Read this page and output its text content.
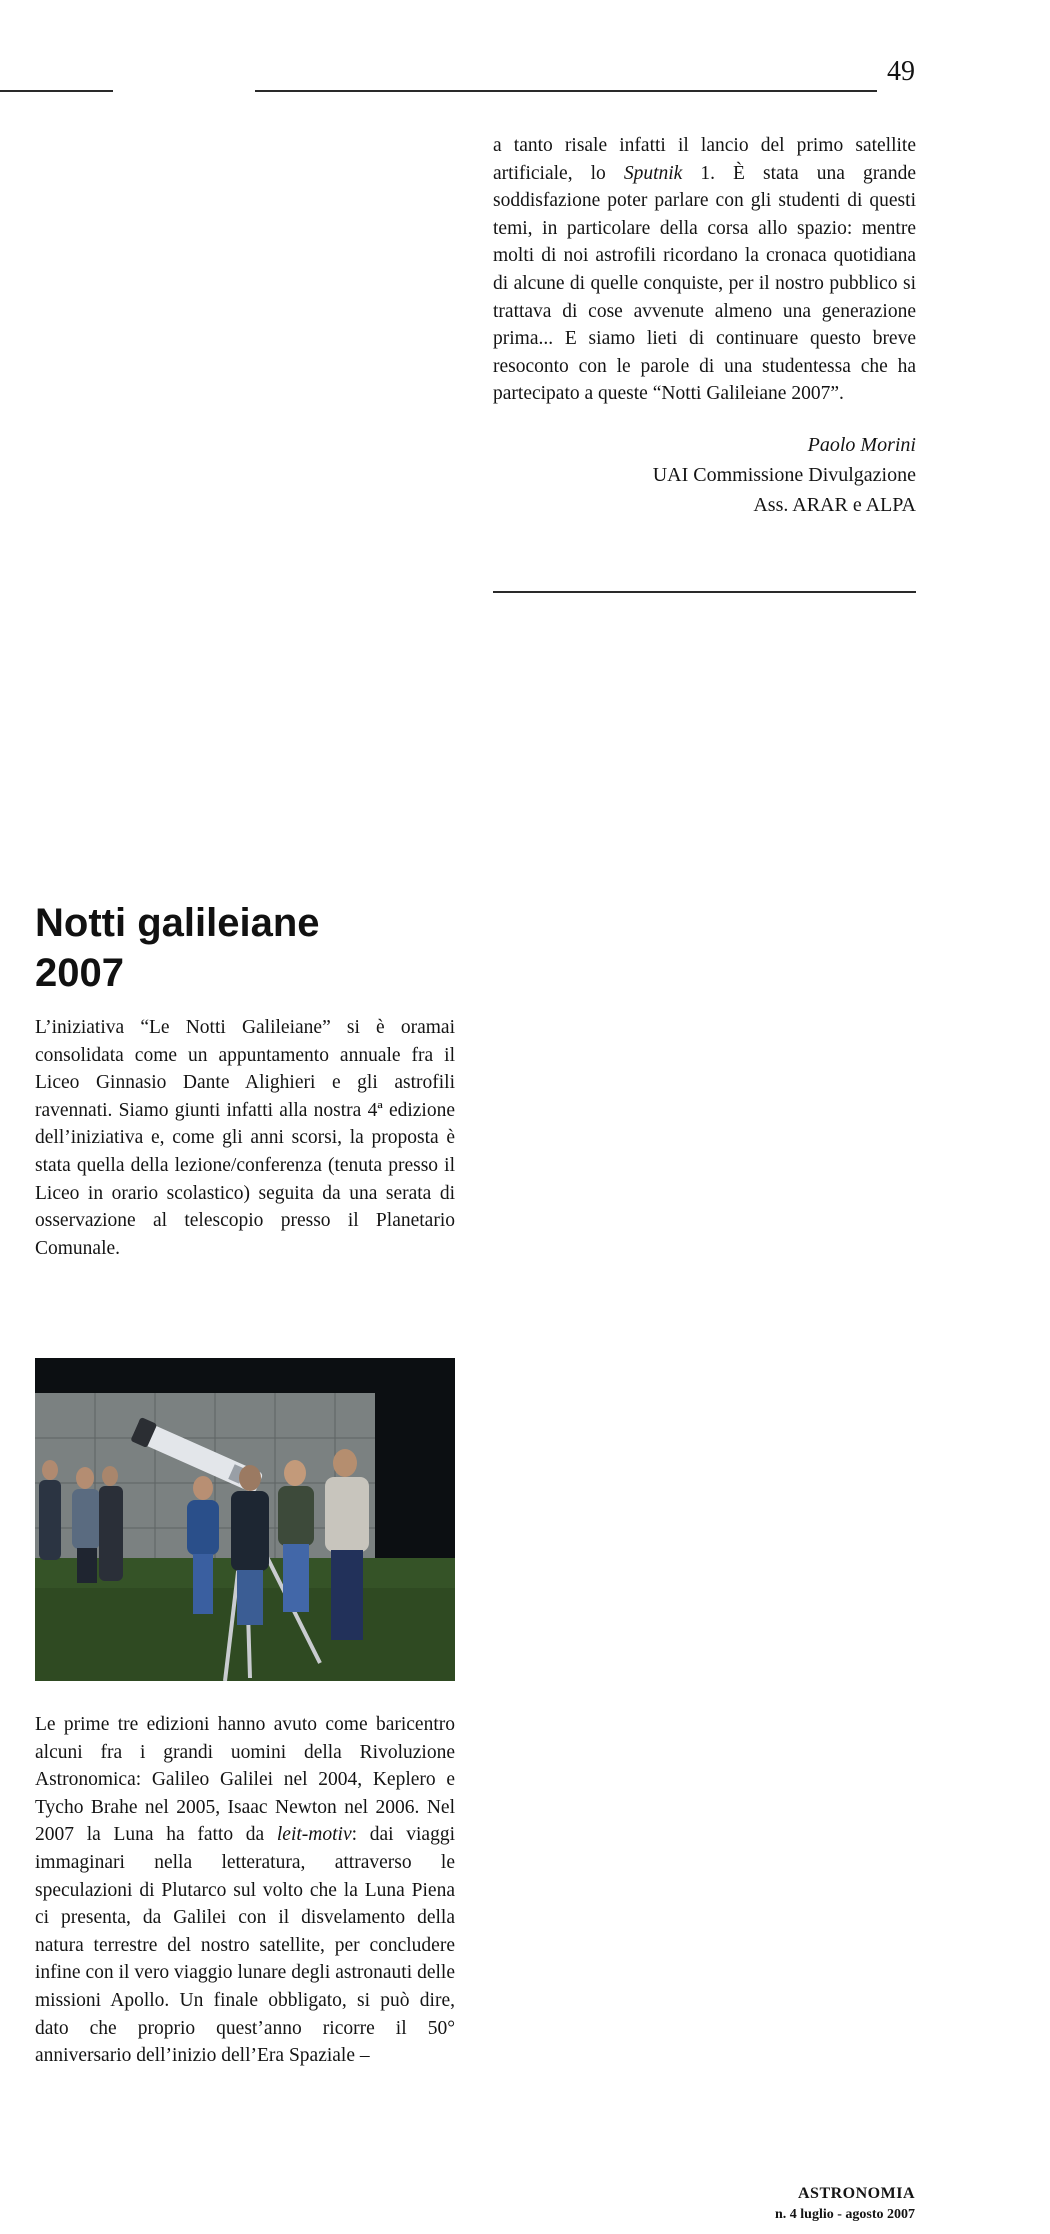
49
a tanto risale infatti il lancio del primo satellite artificiale, lo Sputnik 1. È stata una grande soddisfazione poter parlare con gli studenti di questi temi, in particolare della corsa allo spazio: mentre molti di noi astrofili ricordano la cronaca quotidiana di alcune di quelle conquiste, per il nostro pubblico si trattava di cose avvenute almeno una generazione prima... E siamo lieti di continuare questo breve resoconto con le parole di una studentessa che ha partecipato a queste “Notti Galileiane 2007”.
Paolo Morini
UAI Commissione Divulgazione
Ass. ARAR e ALPA
Notti galileiane
2007
L’iniziativa “Le Notti Galileiane” si è oramai consolidata come un appuntamento annuale fra il Liceo Ginnasio Dante Alighieri e gli astrofili ravennati. Siamo giunti infatti alla nostra 4ª edizione dell’iniziativa e, come gli anni scorsi, la proposta è stata quella della lezione/conferenza (tenuta presso il Liceo in orario scolastico) seguita da una serata di osservazione al telescopio presso il Planetario Comunale.
Le prime tre edizioni hanno avuto come baricentro alcuni fra i grandi uomini della Rivoluzione Astronomica: Galileo Galilei nel 2004, Keplero e Tycho Brahe nel 2005, Isaac Newton nel 2006. Nel 2007 la Luna ha fatto da leit-motiv: dai viaggi immaginari nella letteratura, attraverso le speculazioni di Plutarco sul volto che la Luna Piena ci presenta, da Galilei con il disvelamento della natura terrestre del nostro satellite, per concludere infine con il vero viaggio lunare degli astronauti delle missioni Apollo. Un finale obbligato, si può dire, dato che proprio quest’anno ricorre il 50° anniversario dell’inizio dell’Era Spaziale –
ASTRONOMIA
n. 4 luglio - agosto 2007
